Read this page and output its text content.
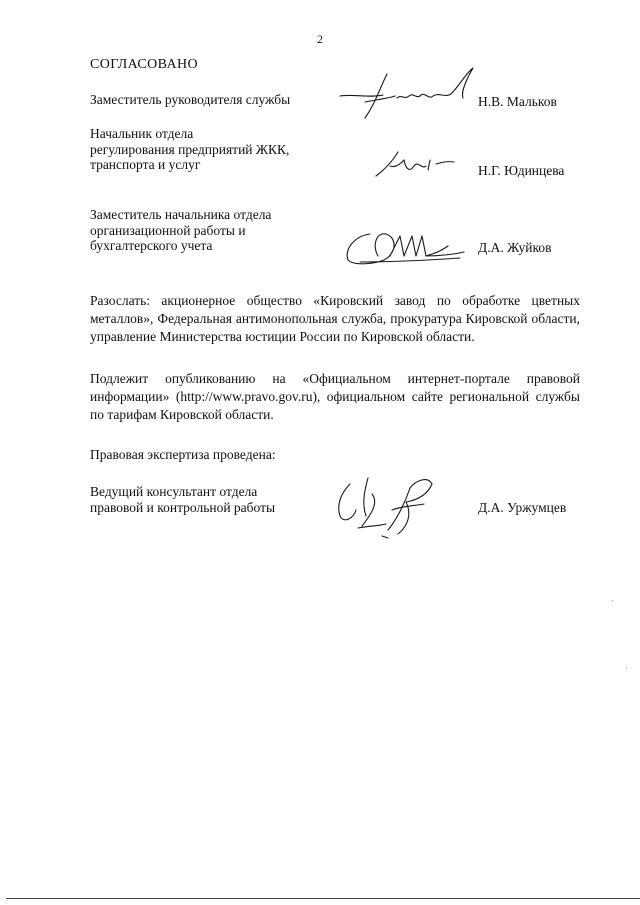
2
СОГЛАСОВАНО
Заместитель руководителя службы	Н.В. Мальков
Начальник отдела
регулирования предприятий ЖКК,
транспорта и услуг	Н.Г. Юдинцева
Заместитель начальника отдела
организационной работы и
бухгалтерского учета	Д.А. Жуйков
Разослать: акционерное общество «Кировский завод по обработке цветных металлов», Федеральная антимонопольная служба, прокуратура Кировской области, управление Министерства юстиции России по Кировской области.
Подлежит опубликованию на «Официальном интернет-портале правовой информации» (http://www.pravo.gov.ru), официальном сайте региональной службы по тарифам Кировской области.
Правовая экспертиза проведена:
Ведущий консультант отдела
правовой и контрольной работы	Д.А. Уржумцев
